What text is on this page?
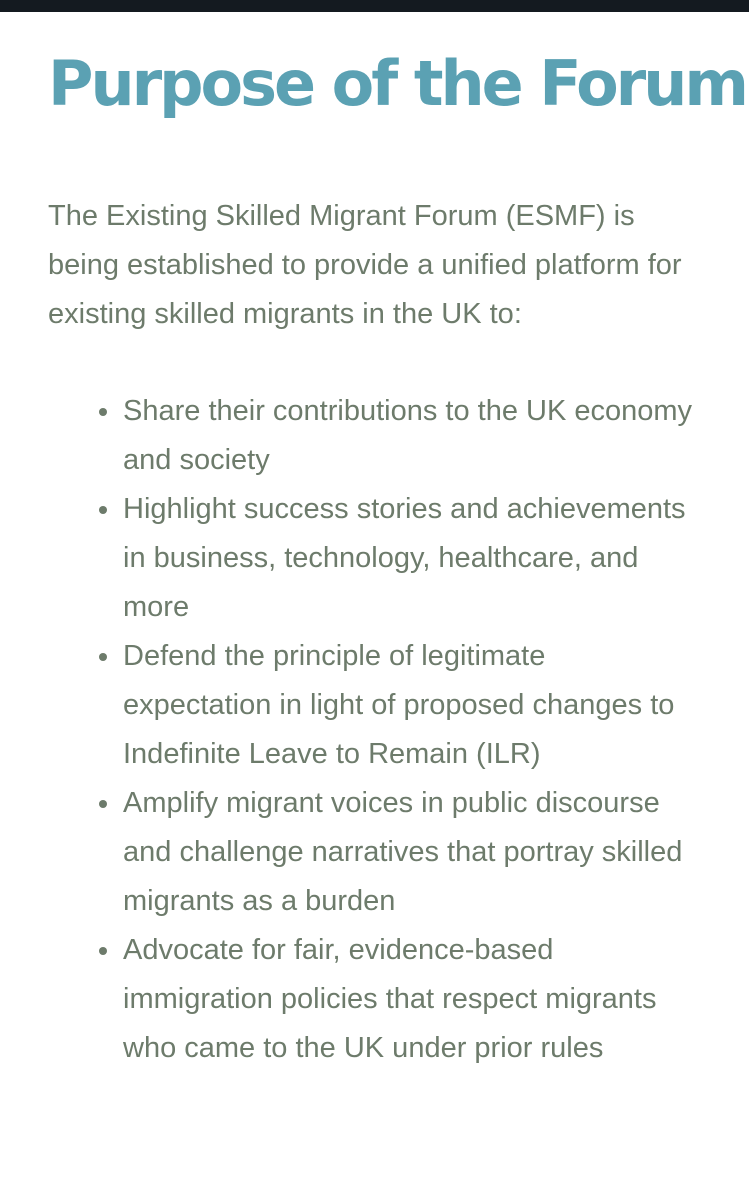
Purpose of the Forum

The Existing Skilled Migrant Forum (ESMF) is being established to provide a unified platform for existing skilled migrants in the UK to:

Share their contributions to the UK economy and society
Highlight success stories and achievements in business, technology, healthcare, and more
Defend the principle of legitimate expectation in light of proposed changes to Indefinite Leave to Remain (ILR)
Amplify migrant voices in public discourse and challenge narratives that portray skilled migrants as a burden
Advocate for fair, evidence-based immigration policies that respect migrants who came to the UK under prior rules
